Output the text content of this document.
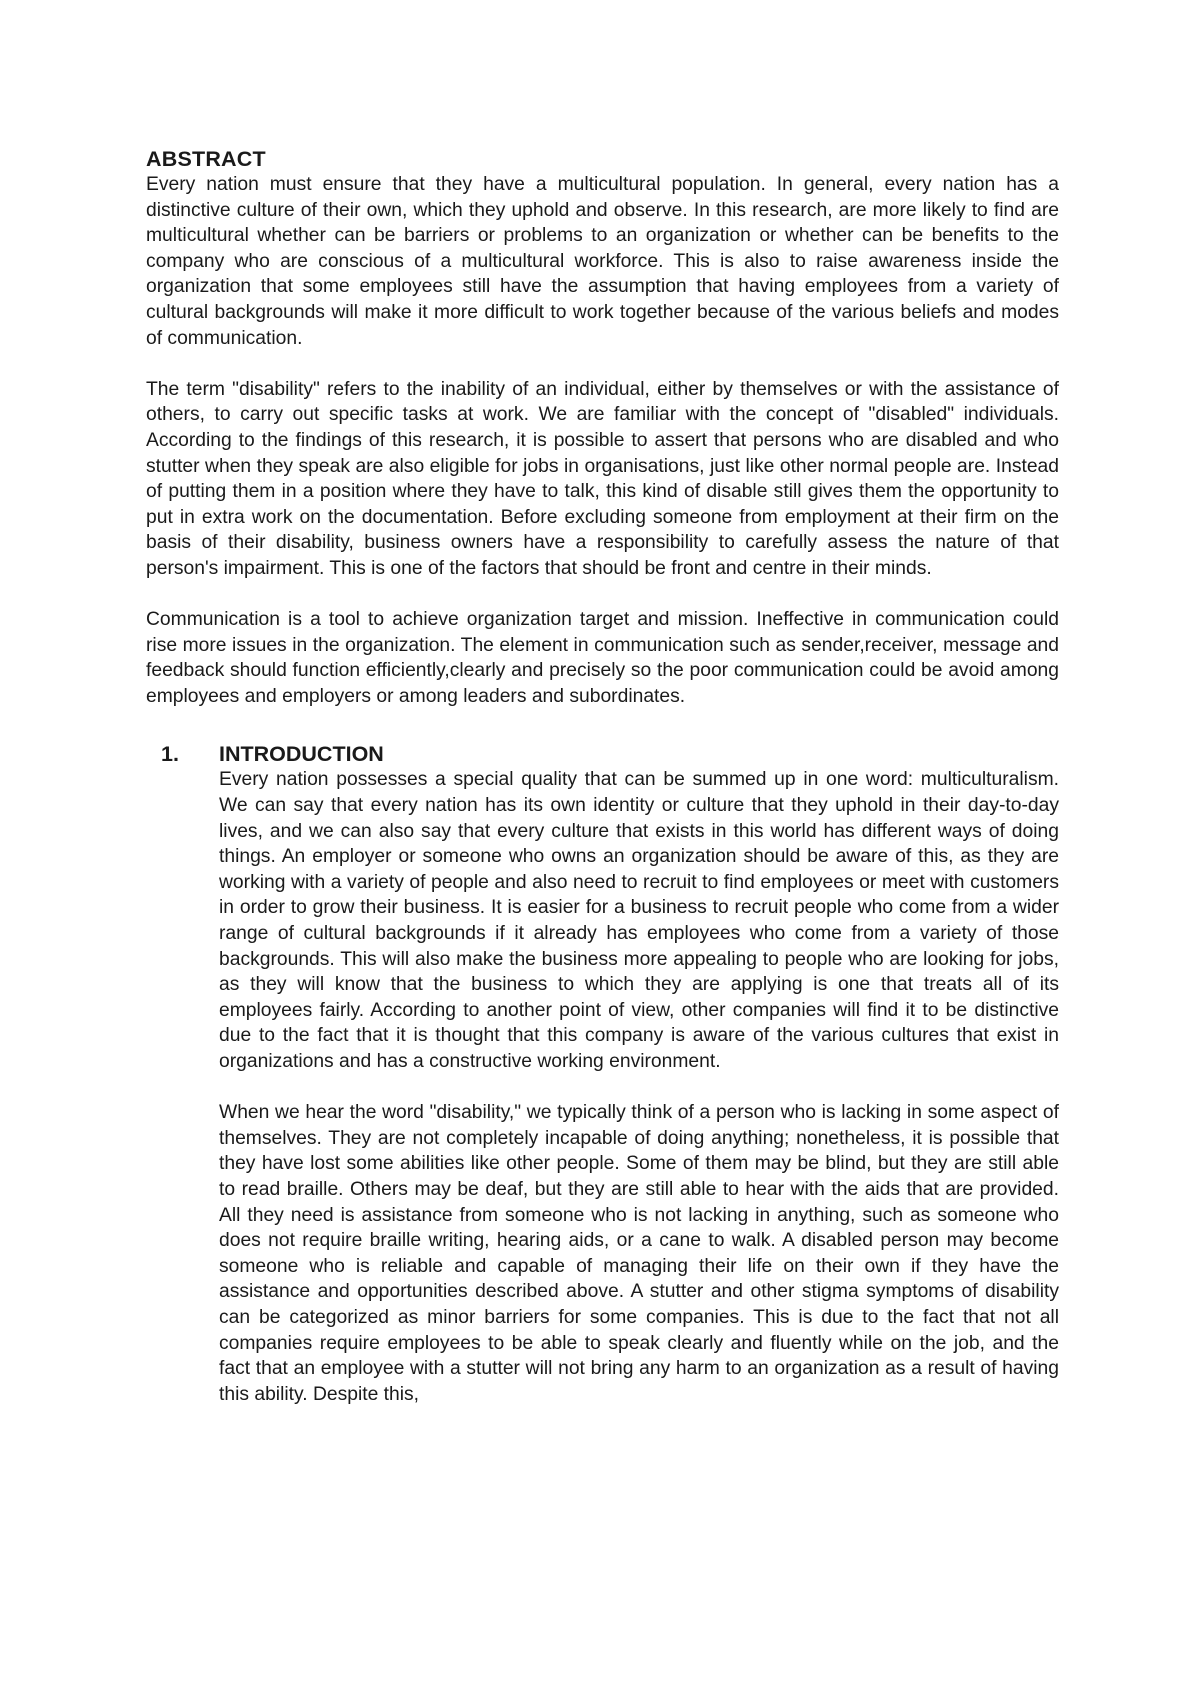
ABSTRACT

Every nation must ensure that they have a multicultural population. In general, every nation has a distinctive culture of their own, which they uphold and observe. In this research, are more likely to find are multicultural whether can be barriers or problems to an organization or whether can be benefits to the company who are conscious of a multicultural workforce. This is also to raise awareness inside the organization that some employees still have the assumption that having employees from a variety of cultural backgrounds will make it more difficult to work together because of the various beliefs and modes of communication.

The term "disability" refers to the inability of an individual, either by themselves or with the assistance of others, to carry out specific tasks at work. We are familiar with the concept of "disabled" individuals. According to the findings of this research, it is possible to assert that persons who are disabled and who stutter when they speak are also eligible for jobs in organisations, just like other normal people are. Instead of putting them in a position where they have to talk, this kind of disable still gives them the opportunity to put in extra work on the documentation. Before excluding someone from employment at their firm on the basis of their disability, business owners have a responsibility to carefully assess the nature of that person's impairment. This is one of the factors that should be front and centre in their minds.

Communication is a tool to achieve organization target and mission. Ineffective in communication could rise more issues in the organization. The element in communication such as sender,receiver, message and feedback should function efficiently,clearly and precisely so the poor communication could be avoid among employees and employers or among leaders and subordinates.

1.	INTRODUCTION

Every nation possesses a special quality that can be summed up in one word: multiculturalism. We can say that every nation has its own identity or culture that they uphold in their day-to-day lives, and we can also say that every culture that exists in this world has different ways of doing things. An employer or someone who owns an organization should be aware of this, as they are working with a variety of people and also need to recruit to find employees or meet with customers in order to grow their business. It is easier for a business to recruit people who come from a wider range of cultural backgrounds if it already has employees who come from a variety of those backgrounds. This will also make the business more appealing to people who are looking for jobs, as they will know that the business to which they are applying is one that treats all of its employees fairly. According to another point of view, other companies will find it to be distinctive due to the fact that it is thought that this company is aware of the various cultures that exist in organizations and has a constructive working environment.

When we hear the word "disability," we typically think of a person who is lacking in some aspect of themselves. They are not completely incapable of doing anything; nonetheless, it is possible that they have lost some abilities like other people. Some of them may be blind, but they are still able to read braille. Others may be deaf, but they are still able to hear with the aids that are provided. All they need is assistance from someone who is not lacking in anything, such as someone who does not require braille writing, hearing aids, or a cane to walk. A disabled person may become someone who is reliable and capable of managing their life on their own if they have the assistance and opportunities described above. A stutter and other stigma symptoms of disability can be categorized as minor barriers for some companies. This is due to the fact that not all companies require employees to be able to speak clearly and fluently while on the job, and the fact that an employee with a stutter will not bring any harm to an organization as a result of having this ability. Despite this,
